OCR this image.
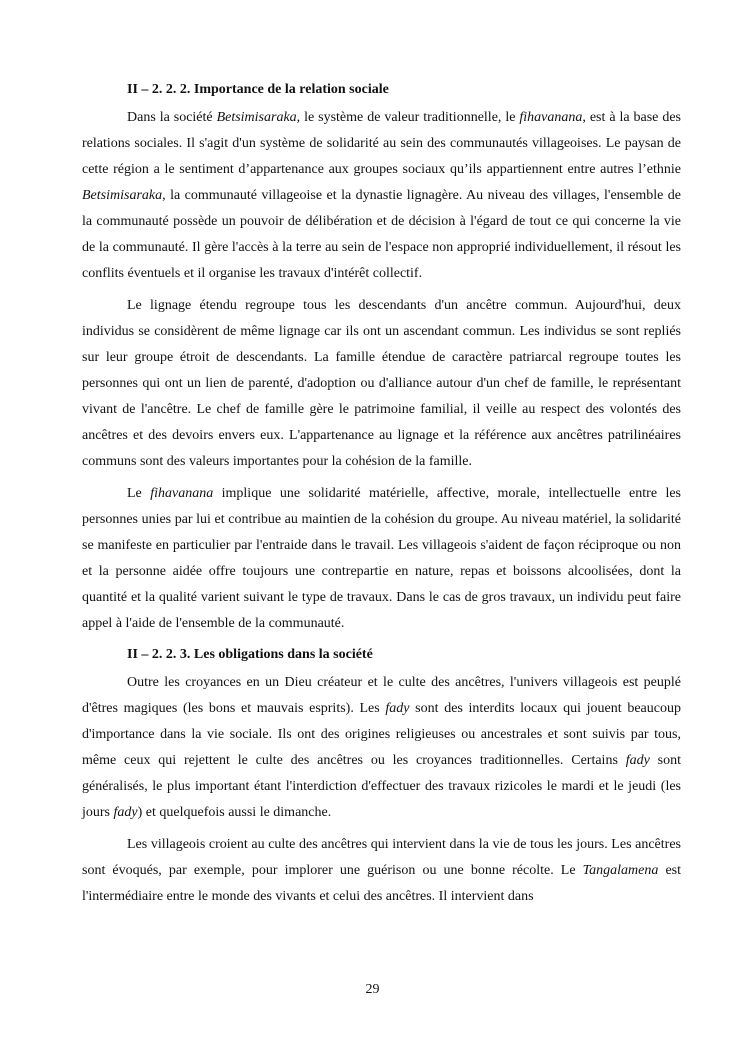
II – 2. 2. 2. Importance de la relation sociale

Dans la société Betsimisaraka, le système de valeur traditionnelle, le fihavanana, est à la base des relations sociales. Il s'agit d'un système de solidarité au sein des communautés villageoises. Le paysan de cette région a le sentiment d’appartenance aux groupes sociaux qu’ils appartiennent entre autres l’ethnie Betsimisaraka, la communauté villageoise et la dynastie lignagère. Au niveau des villages, l'ensemble de la communauté possède un pouvoir de délibération et de décision à l'égard de tout ce qui concerne la vie de la communauté. Il gère l'accès à la terre au sein de l'espace non approprié individuellement, il résout les conflits éventuels et il organise les travaux d'intérêt collectif.

Le lignage étendu regroupe tous les descendants d'un ancêtre commun. Aujourd'hui, deux individus se considèrent de même lignage car ils ont un ascendant commun. Les individus se sont repliés sur leur groupe étroit de descendants. La famille étendue de caractère patriarcal regroupe toutes les personnes qui ont un lien de parenté, d'adoption ou d'alliance autour d'un chef de famille, le représentant vivant de l'ancêtre. Le chef de famille gère le patrimoine familial, il veille au respect des volontés des ancêtres et des devoirs envers eux. L'appartenance au lignage et la référence aux ancêtres patrilinéaires communs sont des valeurs importantes pour la cohésion de la famille.

Le fihavanana implique une solidarité matérielle, affective, morale, intellectuelle entre les personnes unies par lui et contribue au maintien de la cohésion du groupe. Au niveau matériel, la solidarité se manifeste en particulier par l'entraide dans le travail. Les villageois s'aident de façon réciproque ou non et la personne aidée offre toujours une contrepartie en nature, repas et boissons alcoolisées, dont la quantité et la qualité varient suivant le type de travaux. Dans le cas de gros travaux, un individu peut faire appel à l'aide de l'ensemble de la communauté.

II – 2. 2. 3. Les obligations dans la société

Outre les croyances en un Dieu créateur et le culte des ancêtres, l'univers villageois est peuplé d'êtres magiques (les bons et mauvais esprits). Les fady sont des interdits locaux qui jouent beaucoup d'importance dans la vie sociale. Ils ont des origines religieuses ou ancestrales et sont suivis par tous, même ceux qui rejettent le culte des ancêtres ou les croyances traditionnelles. Certains fady sont généralisés, le plus important étant l'interdiction d'effectuer des travaux rizicoles le mardi et le jeudi (les jours fady) et quelquefois aussi le dimanche.

Les villageois croient au culte des ancêtres qui intervient dans la vie de tous les jours. Les ancêtres sont évoqués, par exemple, pour implorer une guérison ou une bonne récolte. Le Tangalamena est l'intermédiaire entre le monde des vivants et celui des ancêtres. Il intervient dans

29
